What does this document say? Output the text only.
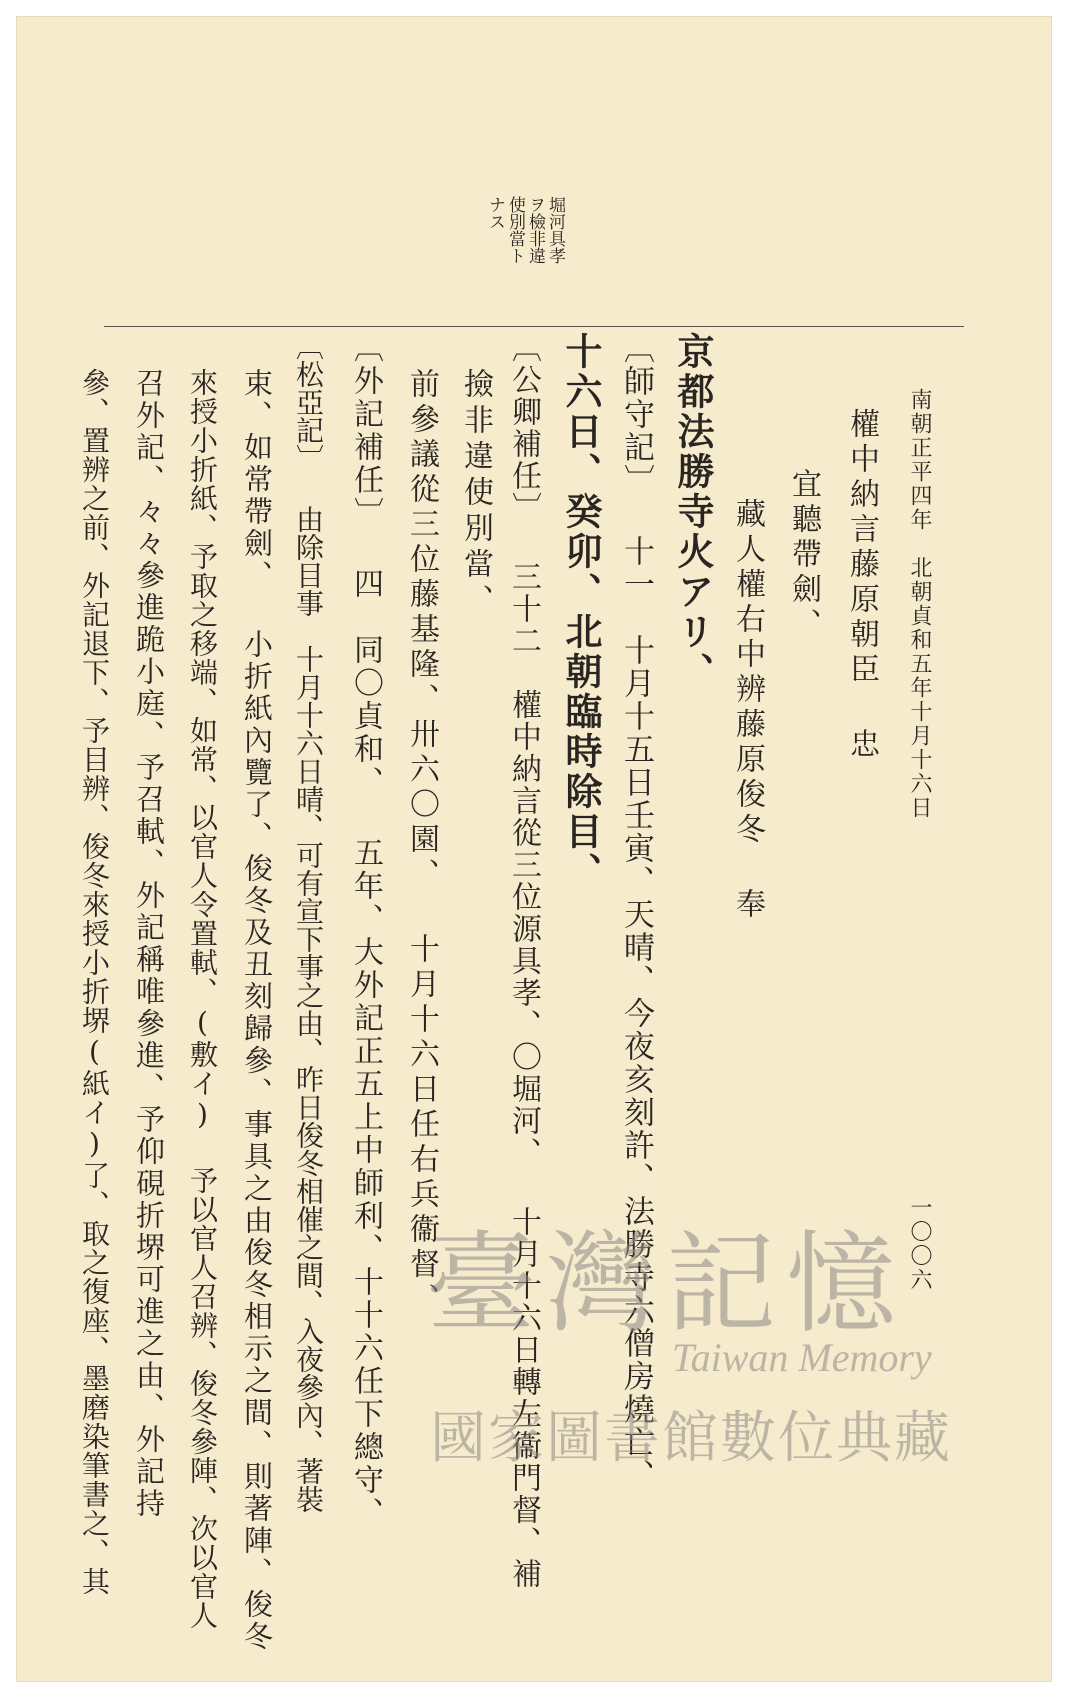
南朝正平四年　北朝貞和五年十月十六日
一〇〇六
堀河具孝
ヲ檢非違
使別當ト
ナス
權中納言藤原朝臣 忠
宜聽帶劍、
藏人權右中辨藤原俊冬 奉
京都法勝寺火アリ、
〔師守記〕 十一　十月十五日壬寅、天晴、今夜亥刻許、法勝寺六僧房燒亡、
十六日、癸卯、北朝臨時除目、
〔公卿補任〕 三十二　權中納言從三位源具孝、〇堀河、 十月十六日轉左衞門督、補
撿非違使別當、
前參議從三位藤基隆、卅六〇園、 十月十六日任右兵衞督、
〔外記補任〕 四　同〇貞和、 五年、大外記正五上中師利、十十六任下總守、
〔松亞記〕 由除目事　十月十六日晴、可有宣下事之由、昨日俊冬相催之間、入夜參內、著裝
束、如常帶劍、 小折紙內覽了、俊冬及丑刻歸參、事具之由俊冬相示之間、則著陣、俊冬
來授小折紙、予取之移端、如常、以官人令置軾、(敷イ) 予以官人召辨、俊冬參陣、次以官人
召外記、々々參進跪小庭、予召軾、外記稱唯參進、予仰硯折堺可進之由、外記持
參、置辨之前、外記退下、予目辨、俊冬來授小折堺(紙イ)了、取之復座、墨磨染筆書之、其	臺灣記憶
Taiwan Memory
國家圖書館數位典藏
